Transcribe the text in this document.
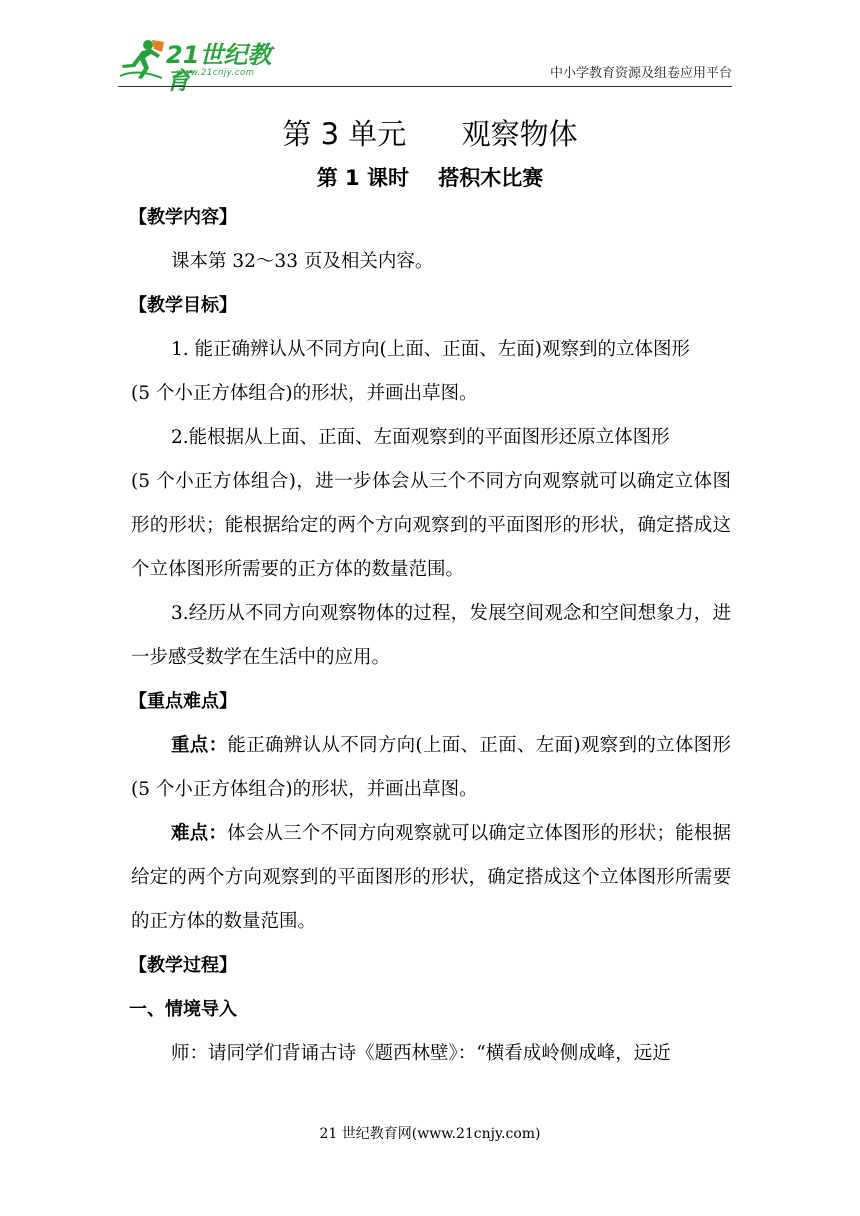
21世纪教育
www.21cnjy.com	中小学教育资源及组卷应用平台
第 3 单元      观察物体
第 1 课时    搭积木比赛
【教学内容】
课本第 32～33 页及相关内容。
【教学目标】
1. 能正确辨认从不同方向(上面、正面、左面)观察到的立体图形
(5 个小正方体组合)的形状，并画出草图。
2.能根据从上面、正面、左面观察到的平面图形还原立体图形
(5 个小正方体组合)，进一步体会从三个不同方向观察就可以确定立体图形的形状；能根据给定的两个方向观察到的平面图形的形状，确定搭成这个立体图形所需要的正方体的数量范围。
3.经历从不同方向观察物体的过程，发展空间观念和空间想象力，进一步感受数学在生活中的应用。
【重点难点】
重点：能正确辨认从不同方向(上面、正面、左面)观察到的立体图形(5 个小正方体组合)的形状，并画出草图。
难点：体会从三个不同方向观察就可以确定立体图形的形状；能根据给定的两个方向观察到的平面图形的形状，确定搭成这个立体图形所需要的正方体的数量范围。
【教学过程】
一、情境导入
师：请同学们背诵古诗《题西林壁》：“横看成岭侧成峰，远近
21 世纪教育网(www.21cnjy.com)
